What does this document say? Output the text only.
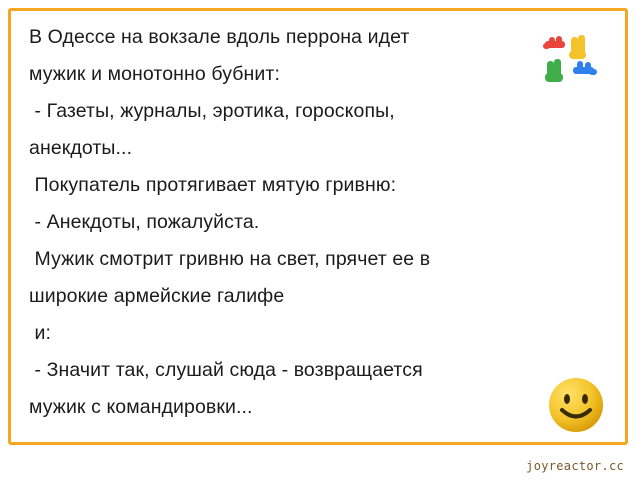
В Одессе на вокзале вдоль перрона идет
мужик и монотонно бубнит:
- Газеты, журналы, эротика, гороскопы,
анекдоты...
Покупатель протягивает мятую гривню:
- Анекдоты, пожалуйста.
Мужик смотрит гривню на свет, прячет ее в
широкие армейские галифе
и:
- Значит так, слушай сюда - возвращается
мужик с командировки...
joyreactor.cc
